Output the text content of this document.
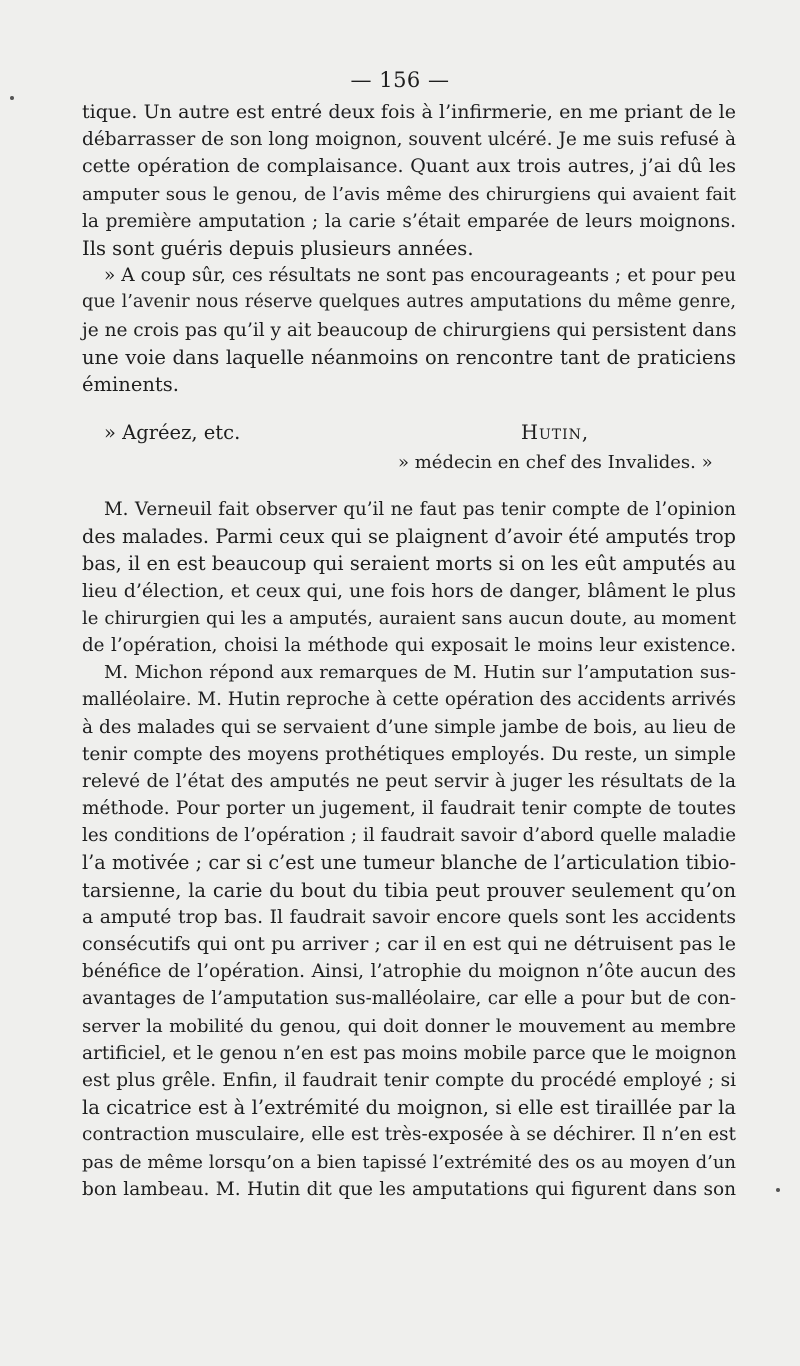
— 156 —
tique. Un autre est entré deux fois à l’infirmerie, en me priant de le
débarrasser de son long moignon, souvent ulcéré. Je me suis refusé à
cette opération de complaisance. Quant aux trois autres, j’ai dû les
amputer sous le genou, de l’avis même des chirurgiens qui avaient fait
la première amputation ; la carie s’était emparée de leurs moignons.
Ils sont guéris depuis plusieurs années.
» A coup sûr, ces résultats ne sont pas encourageants ; et pour peu
que l’avenir nous réserve quelques autres amputations du même genre,
je ne crois pas qu’il y ait beaucoup de chirurgiens qui persistent dans
une voie dans laquelle néanmoins on rencontre tant de praticiens
éminents.
» Agréez, etc.	Hutin,
» médecin en chef des Invalides. »
M. Verneuil fait observer qu’il ne faut pas tenir compte de l’opinion
des malades. Parmi ceux qui se plaignent d’avoir été amputés trop
bas, il en est beaucoup qui seraient morts si on les eût amputés au
lieu d’élection, et ceux qui, une fois hors de danger, blâment le plus
le chirurgien qui les a amputés, auraient sans aucun doute, au moment
de l’opération, choisi la méthode qui exposait le moins leur existence.
M. Michon répond aux remarques de M. Hutin sur l’amputation sus-
malléolaire. M. Hutin reproche à cette opération des accidents arrivés
à des malades qui se servaient d’une simple jambe de bois, au lieu de
tenir compte des moyens prothétiques employés. Du reste, un simple
relevé de l’état des amputés ne peut servir à juger les résultats de la
méthode. Pour porter un jugement, il faudrait tenir compte de toutes
les conditions de l’opération ; il faudrait savoir d’abord quelle maladie
l’a motivée ; car si c’est une tumeur blanche de l’articulation tibio-
tarsienne, la carie du bout du tibia peut prouver seulement qu’on
a amputé trop bas. Il faudrait savoir encore quels sont les accidents
consécutifs qui ont pu arriver ; car il en est qui ne détruisent pas le
bénéfice de l’opération. Ainsi, l’atrophie du moignon n’ôte aucun des
avantages de l’amputation sus-malléolaire, car elle a pour but de con-
server la mobilité du genou, qui doit donner le mouvement au membre
artificiel, et le genou n’en est pas moins mobile parce que le moignon
est plus grêle. Enfin, il faudrait tenir compte du procédé employé ; si
la cicatrice est à l’extrémité du moignon, si elle est tiraillée par la
contraction musculaire, elle est très-exposée à se déchirer. Il n’en est
pas de même lorsqu’on a bien tapissé l’extrémité des os au moyen d’un
bon lambeau. M. Hutin dit que les amputations qui figurent dans son
